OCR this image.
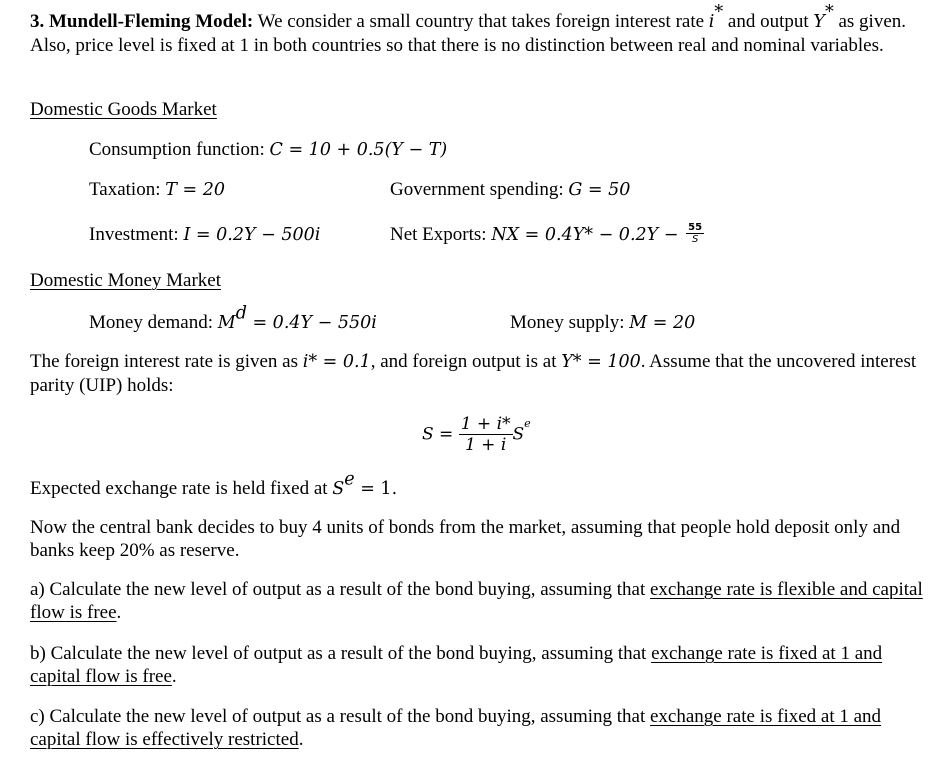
3. Mundell-Fleming Model: We consider a small country that takes foreign interest rate i* and output Y* as given. Also, price level is fixed at 1 in both countries so that there is no distinction between real and nominal variables.
Domestic Goods Market
Consumption function: C = 10 + 0.5(Y − T)
Taxation: T = 20	Government spending: G = 50
Investment: I = 0.2Y − 500i	Net Exports: NX = $0.4Y* - 0.2Y - \frac{55}{S}$
Domestic Money Market
Money demand: $M^d = 0.4Y - 550i$	Money supply: M = 20
The foreign interest rate is given as i* = 0.1, and foreign output is at Y* = 100. Assume that the uncovered interest parity (UIP) holds:
$S = \frac{1 + i*}{1 + i} S^e$
Expected exchange rate is held fixed at $S^e = 1$.
Now the central bank decides to buy 4 units of bonds from the market, assuming that people hold deposit only and banks keep 20% as reserve.
a) Calculate the new level of output as a result of the bond buying, assuming that exchange rate is flexible and capital flow is free.
b) Calculate the new level of output as a result of the bond buying, assuming that exchange rate is fixed at 1 and capital flow is free.
c) Calculate the new level of output as a result of the bond buying, assuming that exchange rate is fixed at 1 and capital flow is effectively restricted.
